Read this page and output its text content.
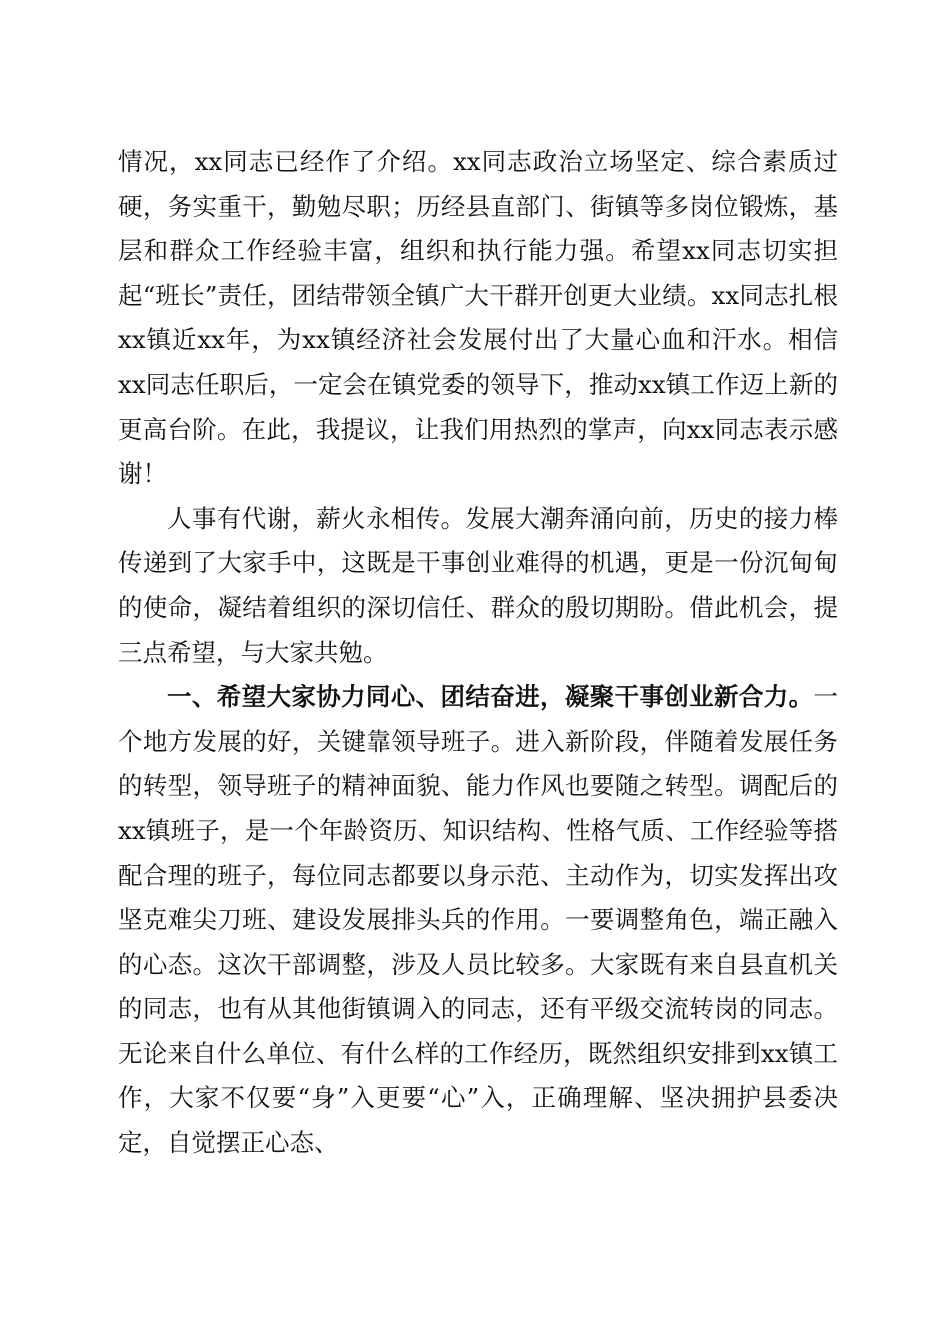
情况，xx同志已经作了介绍。xx同志政治立场坚定、综合素质过硬，务实重干，勤勉尽职；历经县直部门、街镇等多岗位锻炼，基层和群众工作经验丰富，组织和执行能力强。希望xx同志切实担起“班长”责任，团结带领全镇广大干群开创更大业绩。xx同志扎根xx镇近xx年，为xx镇经济社会发展付出了大量心血和汗水。相信xx同志任职后，一定会在镇党委的领导下，推动xx镇工作迈上新的更高台阶。在此，我提议，让我们用热烈的掌声，向xx同志表示感谢！

人事有代谢，薪火永相传。发展大潮奔涌向前，历史的接力棒传递到了大家手中，这既是干事创业难得的机遇，更是一份沉甸甸的使命，凝结着组织的深切信任、群众的殷切期盼。借此机会，提三点希望，与大家共勉。

一、希望大家协力同心、团结奋进，凝聚干事创业新合力。一个地方发展的好，关键靠领导班子。进入新阶段，伴随着发展任务的转型，领导班子的精神面貌、能力作风也要随之转型。调配后的xx镇班子，是一个年龄资历、知识结构、性格气质、工作经验等搭配合理的班子，每位同志都要以身示范、主动作为，切实发挥出攻坚克难尖刀班、建设发展排头兵的作用。一要调整角色，端正融入的心态。这次干部调整，涉及人员比较多。大家既有来自县直机关的同志，也有从其他街镇调入的同志，还有平级交流转岗的同志。无论来自什么单位、有什么样的工作经历，既然组织安排到xx镇工作，大家不仅要“身”入更要“心”入，正确理解、坚决拥护县委决定，自觉摆正心态、
